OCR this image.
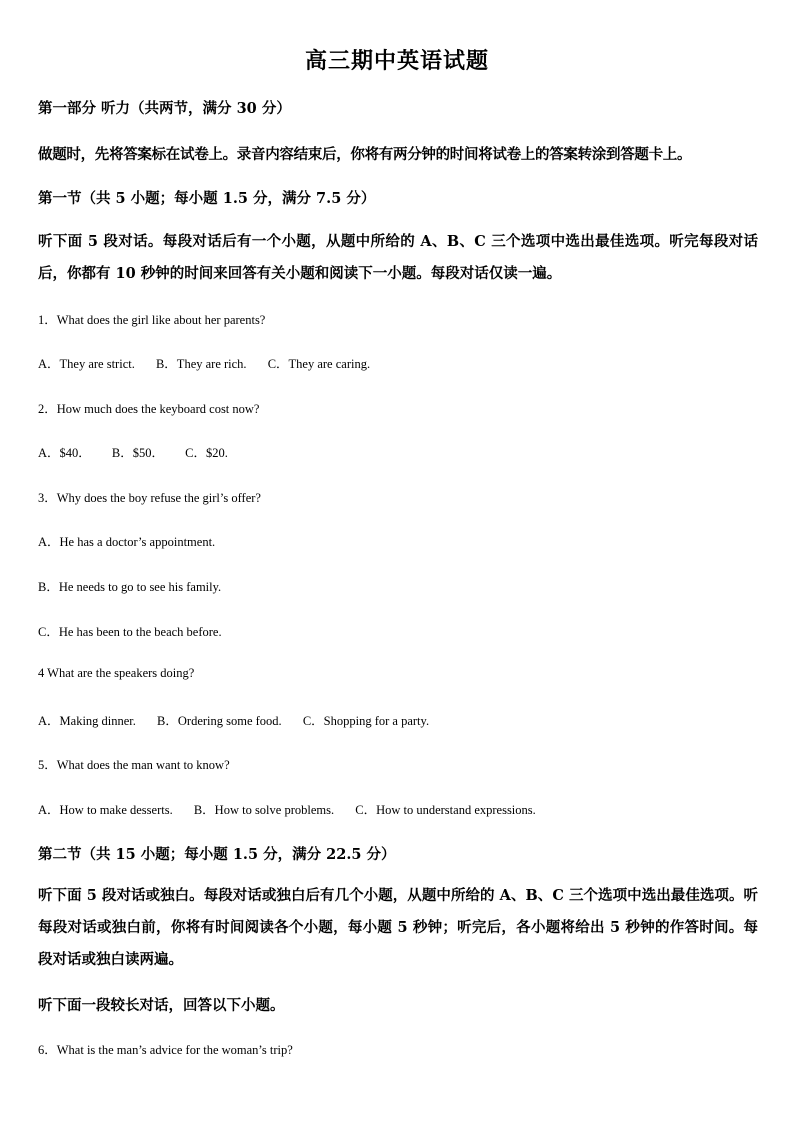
高三期中英语试题
第一部分 听力（共两节，满分 30 分）
做题时，先将答案标在试卷上。录音内容结束后，你将有两分钟的时间将试卷上的答案转涂到答题卡上。
第一节（共 5 小题；每小题 1.5 分，满分 7.5 分）
听下面 5 段对话。每段对话后有一个小题，从题中所给的 A、B、C 三个选项中选出最佳选项。听完每段对话后，你都有 10 秒钟的时间来回答有关小题和阅读下一小题。每段对话仅读一遍。
1．What does the girl like about her parents?
A．They are strict. B．They are rich. C．They are caring.
2．How much does the keyboard cost now?
A．$40． B．$50． C．$20.
3．Why does the boy refuse the girl’s offer?
A．He has a doctor’s appointment.
B．He needs to go to see his family.
C．He has been to the beach before.
4 What are the speakers doing?
A．Making dinner. B．Ordering some food. C．Shopping for a party.
5．What does the man want to know?
A．How to make desserts. B．How to solve problems. C．How to understand expressions.
第二节（共 15 小题；每小题 1.5 分，满分 22.5 分）
听下面 5 段对话或独白。每段对话或独白后有几个小题，从题中所给的 A、B、C 三个选项中选出最佳选项。听每段对话或独白前，你将有时间阅读各个小题，每小题 5 秒钟；听完后，各小题将给出 5 秒钟的作答时间。每段对话或独白读两遍。
听下面一段较长对话，回答以下小题。
6．What is the man’s advice for the woman’s trip?
